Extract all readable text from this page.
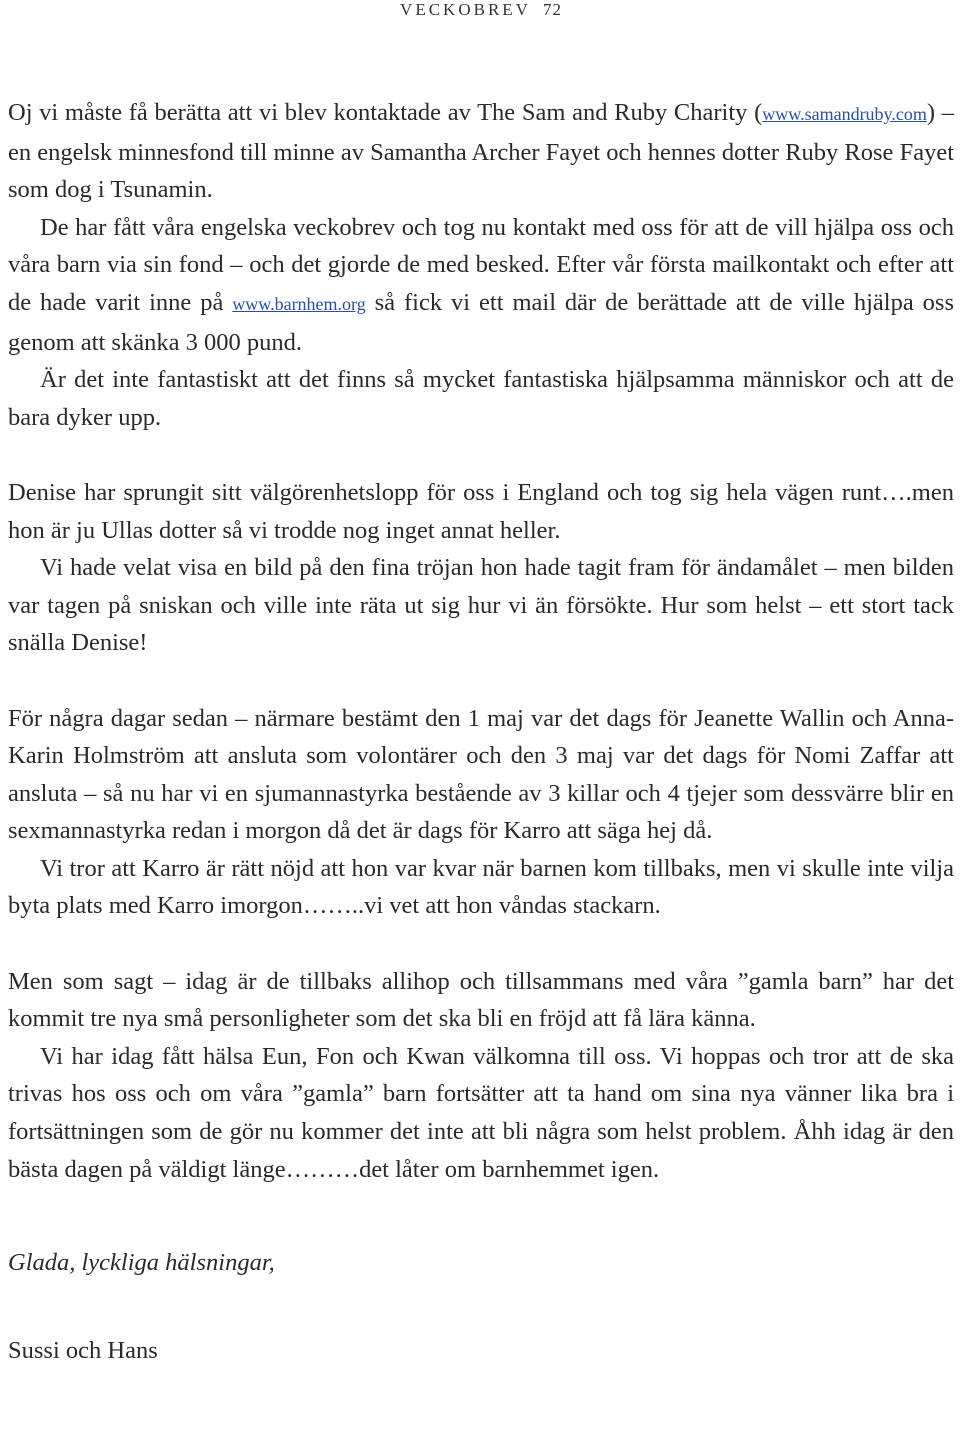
VECKOBREV 72

Oj vi måste få berätta att vi blev kontaktade av The Sam and Ruby Charity (www.samandruby.com) – en engelsk minnesfond till minne av Samantha Archer Fayet och hennes dotter Ruby Rose Fayet som dog i Tsunamin.

De har fått våra engelska veckobrev och tog nu kontakt med oss för att de vill hjälpa oss och våra barn via sin fond – och det gjorde de med besked. Efter vår första mailkontakt och efter att de hade varit inne på www.barnhem.org så fick vi ett mail där de berättade att de ville hjälpa oss genom att skänka 3 000 pund.

Är det inte fantastiskt att det finns så mycket fantastiska hjälpsamma människor och att de bara dyker upp.

Denise har sprungit sitt välgörenhetslopp för oss i England och tog sig hela vägen runt….men hon är ju Ullas dotter så vi trodde nog inget annat heller.

Vi hade velat visa en bild på den fina tröjan hon hade tagit fram för ändamålet – men bilden var tagen på sniskan och ville inte räta ut sig hur vi än försökte. Hur som helst – ett stort tack snälla Denise!

För några dagar sedan – närmare bestämt den 1 maj var det dags för Jeanette Wallin och Anna-Karin Holmström att ansluta som volontärer och den 3 maj var det dags för Nomi Zaffar att ansluta – så nu har vi en sjumannastyrka bestående av 3 killar och 4 tjejer som dessvärre blir en sexmannastyrka redan i morgon då det är dags för Karro att säga hej då.

Vi tror att Karro är rätt nöjd att hon var kvar när barnen kom tillbaks, men vi skulle inte vilja byta plats med Karro imorgon……..vi vet att hon våndas stackarn.

Men som sagt – idag är de tillbaks allihop och tillsammans med våra ”gamla barn” har det kommit tre nya små personligheter som det ska bli en fröjd att få lära känna.

Vi har idag fått hälsa Eun, Fon och Kwan välkomna till oss. Vi hoppas och tror att de ska trivas hos oss och om våra ”gamla” barn fortsätter att ta hand om sina nya vänner lika bra i fortsättningen som de gör nu kommer det inte att bli några som helst problem. Åhh idag är den bästa dagen på väldigt länge………det låter om barnhemmet igen.

Glada, lyckliga hälsningar,

Sussi och Hans
